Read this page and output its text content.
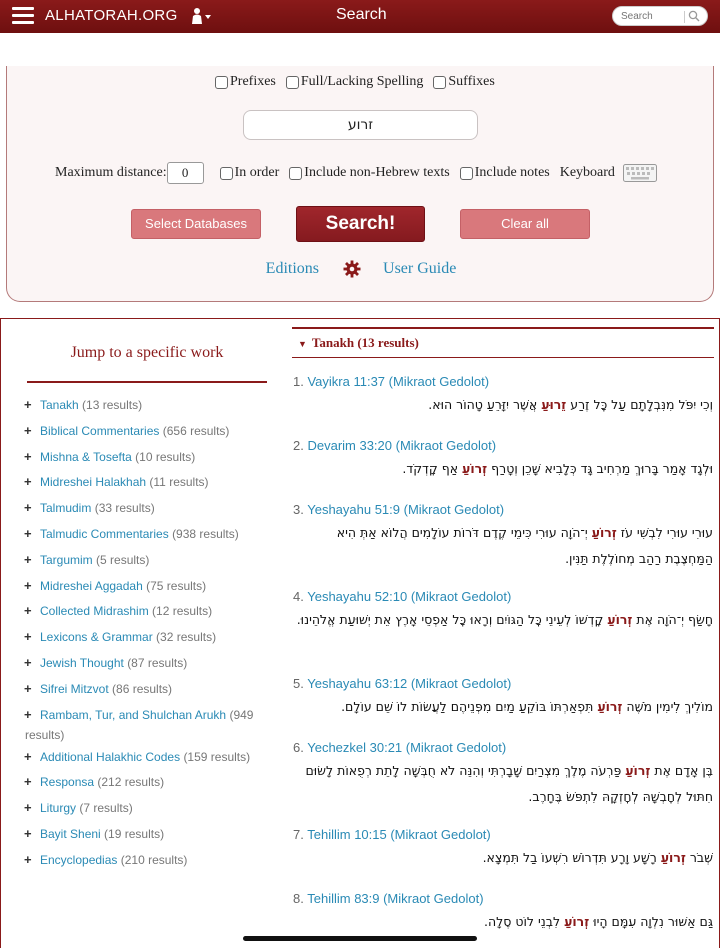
ALHATORAH.ORG	Search
Search
Prefixes Full/Lacking Spelling Suffixes
זרוע
Maximum distance:	0	In order Include non-Hebrew texts Include notes Keyboard
Select Databases	Search!	Clear all
Editions	User Guide
Jump to a specific work
+ Tanakh (13 results)
+ Biblical Commentaries (656 results)
+ Mishna & Tosefta (10 results)
+ Midreshei Halakhah (11 results)
+ Talmudim (33 results)
+ Talmudic Commentaries (938 results)
+ Targumim (5 results)
+ Midreshei Aggadah (75 results)
+ Collected Midrashim (12 results)
+ Lexicons & Grammar (32 results)
+ Jewish Thought (87 results)
+ Sifrei Mitzvot (86 results)
+ Rambam, Tur, and Shulchan Arukh (949 results)
+ Additional Halakhic Codes (159 results)
+ Responsa (212 results)
+ Liturgy (7 results)
+ Bayit Sheni (19 results)
+ Encyclopedias (210 results)
▼ Tanakh (13 results)
1. Vayikra 11:37 (Mikraot Gedolot)
וְכִי יִפֹּל מִנִּבְלָתָם עַל כׇּל זֶרַע זֵרוּעַ אֲשֶׁר יִזָּרֵעַ טָהוֹר הוּא.
2. Devarim 33:20 (Mikraot Gedolot)
וּלְגָד אָמַר בָּרוּךְ מַרְחִיב גָּד כְּלָבִיא שָׁכֵן וְטָרַף זְרוֹעַ אַף קׇדְקֹד.
3. Yeshayahu 51:9 (Mikraot Gedolot)
עוּרִי עוּרִי לִבְשִׁי עֹז זְרוֹעַ יְ־הֹוָה עוּרִי כִּימֵי קֶדֶם דֹּרוֹת עוֹלָמִים הֲלוֹא אַתְּ הִיא הַמַּחְצֶבֶת רַהַב מְחוֹלֶלֶת תַּנִּין.
4. Yeshayahu 52:10 (Mikraot Gedolot)
חָשַׂף יְ־הֹוָה אֶת זְרוֹעַ קׇדְשׁוֹ לְעֵינֵי כׇּל הַגּוֹיִם וְרָאוּ כׇּל אַפְסֵי אָרֶץ אֵת יְשׁוּעַת אֱלֹהֵינוּ.
5. Yeshayahu 63:12 (Mikraot Gedolot)
מוֹלִיךְ לִימִין מֹשֶׁה זְרוֹעַ תִּפְאַרְתּוֹ בּוֹקֵעַ מַיִם מִפְּנֵיהֶם לַעֲשׂוֹת לוֹ שֵׁם עוֹלָם.
6. Yechezkel 30:21 (Mikraot Gedolot)
בֶּן אָדָם אֶת זְרוֹעַ פַּרְעֹה מֶלֶךְ מִצְרַיִם שָׁבָרְתִּי וְהִנֵּה לֹא חֻבְּשָׁה לָתֵת רְפֻאוֹת לָשׂוּם חִתּוּל לְחׇבְשָׁהּ לְחׇזְקָהּ לִתְפֹּשׂ בֶּחָרֶב.
7. Tehillim 10:15 (Mikraot Gedolot)
שְׁבֹר זְרוֹעַ רָשָׁע וָרָע תִּדְרוֹשׁ רִשְׁעוֹ בַל תִּמְצָא.
8. Tehillim 83:9 (Mikraot Gedolot)
גַּם אַשּׁוּר נִלְוָה עִמָּם הָיוּ זְרוֹעַ לִבְנֵי לוֹט סֶלָה.
